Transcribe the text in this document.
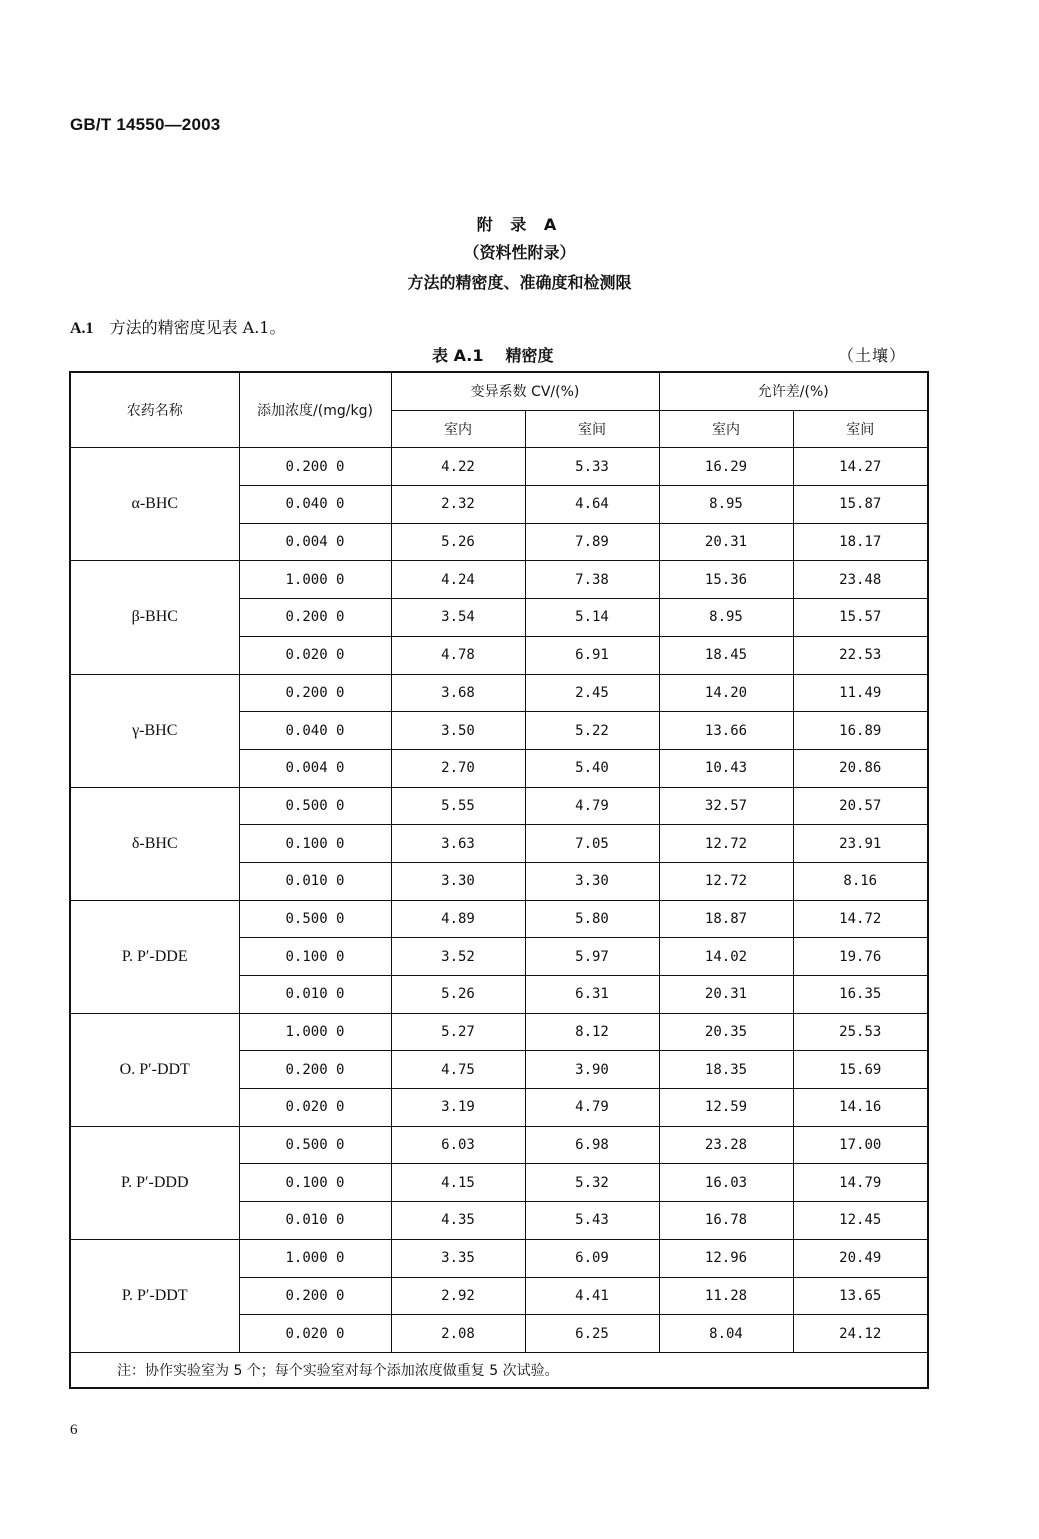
GB/T 14550—2003
附 录 A
（资料性附录）
方法的精密度、准确度和检测限
A.1 方法的精密度见表 A.1。
表 A.1 精密度	（土壤）
农药名称	添加浓度/(mg/kg)	变异系数 CV/(%)		允许差/(%)	
		室内	室间	室内	室间
α-BHC	0.200 0	4.22	5.33	16.29	14.27
	0.040 0	2.32	4.64	8.95	15.87
	0.004 0	5.26	7.89	20.31	18.17
β-BHC	1.000 0	4.24	7.38	15.36	23.48
	0.200 0	3.54	5.14	8.95	15.57
	0.020 0	4.78	6.91	18.45	22.53
γ-BHC	0.200 0	3.68	2.45	14.20	11.49
	0.040 0	3.50	5.22	13.66	16.89
	0.004 0	2.70	5.40	10.43	20.86
δ-BHC	0.500 0	5.55	4.79	32.57	20.57
	0.100 0	3.63	7.05	12.72	23.91
	0.010 0	3.30	3.30	12.72	8.16
P. P′-DDE	0.500 0	4.89	5.80	18.87	14.72
	0.100 0	3.52	5.97	14.02	19.76
	0.010 0	5.26	6.31	20.31	16.35
O. P′-DDT	1.000 0	5.27	8.12	20.35	25.53
	0.200 0	4.75	3.90	18.35	15.69
	0.020 0	3.19	4.79	12.59	14.16
P. P′-DDD	0.500 0	6.03	6.98	23.28	17.00
	0.100 0	4.15	5.32	16.03	14.79
	0.010 0	4.35	5.43	16.78	12.45
P. P′-DDT	1.000 0	3.35	6.09	12.96	20.49
	0.200 0	2.92	4.41	11.28	13.65
	0.020 0	2.08	6.25	8.04	24.12
注：协作实验室为 5 个；每个实验室对每个添加浓度做重复 5 次试验。					
6
